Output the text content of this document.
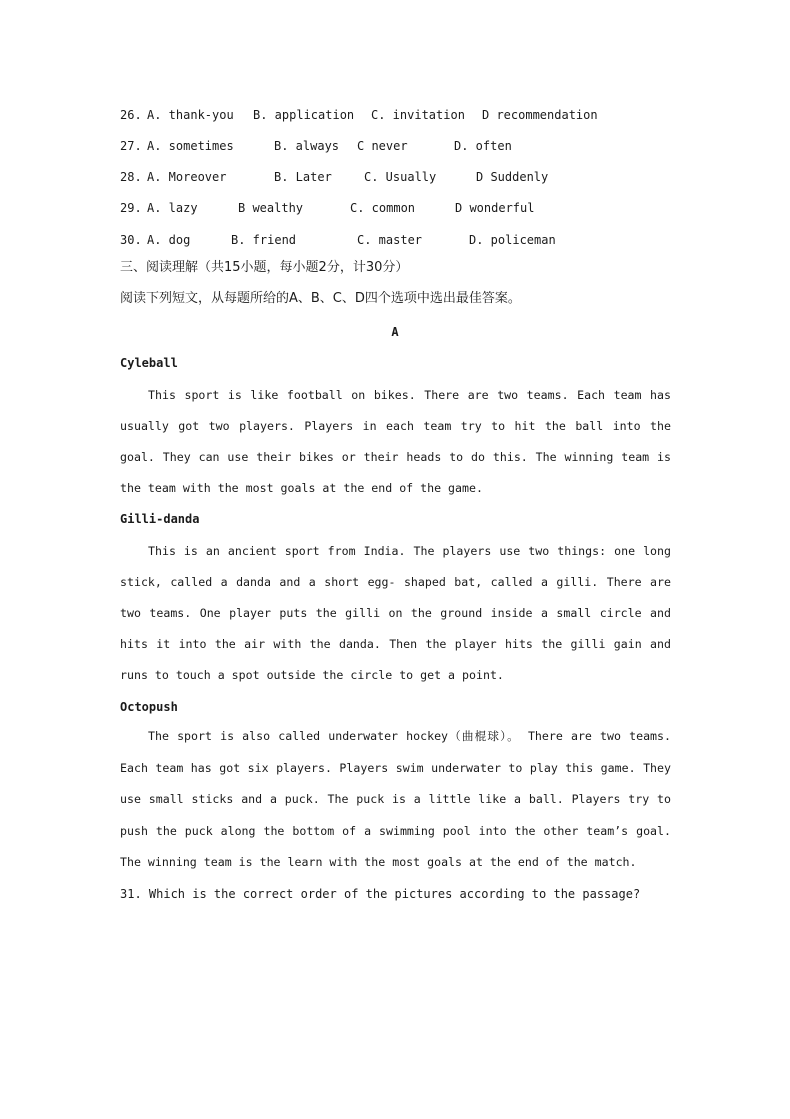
26. A. thank-you B. application C. invitation D recommendation
27. A. sometimes	B. always C never	D. often
28. A. Moreover	B. Later	C. Usually	D Suddenly
29. A. lazy	B wealthy	C. common	D wonderful
30. A. dog	B. friend	C. master	D. policeman
三、阅读理解（共15小题，每小题2分，计30分）
阅读下列短文，从每题所给的A、B、C、D四个选项中选出最佳答案。
A
Cyleball

This sport is like football on bikes. There are two teams. Each team has usually got two players. Players in each team try to hit the ball into the goal. They can use their bikes or their heads to do this. The winning team is the team with the most goals at the end of the game.

Gilli-danda

This is an ancient sport from India. The players use two things: one long stick, called a danda and a short egg- shaped bat, called a gilli. There are two teams. One player puts the gilli on the ground inside a small circle and hits it into the air with the danda. Then the player hits the gilli gain and runs to touch a spot outside the circle to get a point.

Octopush

The sport is also called underwater hockey（曲棍球）。 There are two teams. Each team has got six players. Players swim underwater to play this game. They use small sticks and a puck. The puck is a little like a ball. Players try to push the puck along the bottom of a swimming pool into the other team’s goal. The winning team is the learn with the most goals at the end of the match.

31. Which is the correct order of the pictures according to the passage?
